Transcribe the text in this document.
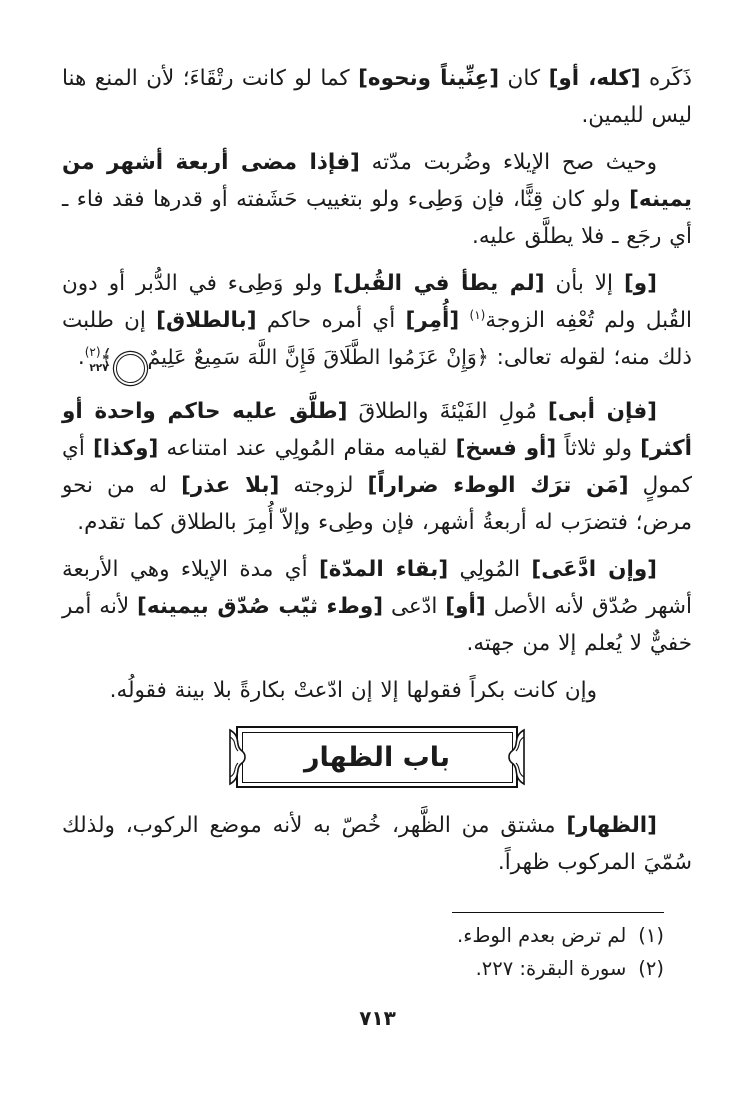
ذَكَره [كله، أو] كان [عِنِّيناً ونحوه] كما لو كانت رتْقَاءَ؛ لأن المنع هنا ليس لليمين.

وحيث صح الإيلاء وضُربت مدّته [فإذا مضى أربعة أشهر من يمينه] ولو كان قِنًّا، فإن وَطِىء ولو بتغييب حَشَفته أو قدرها فقد فاء ـ أي رجَع ـ فلا يطلَّق عليه.

[و] إلا بأن [لم يطأ في القُبل] ولو وَطِىء في الدُّبر أو دون القُبل ولم تُعْفِه الزوجة$^{(١)}$ [أُمِر] أي أمره حاكم [بالطلاق] إن طلبت ذلك منه؛ لقوله تعالى: ﴿وَإِنْ عَزَمُوا الطَّلَاقَ فَإِنَّ اللَّهَ سَمِيعٌ عَلِيمٌ٢٢٧﴾$^{(٢)}$.

[فإن أبى] مُولِ الفَيْئةَ والطلاقَ [طلَّق عليه حاكم واحدة أو أكثر] ولو ثلاثاً [أو فسخ] لقيامه مقام المُولِي عند امتناعه [وكذا] أي كمولٍ [مَن ترَك الوطء ضراراً] لزوجته [بلا عذر] له من نحو مرض؛ فتضرَب له أربعةُ أشهر، فإن وطِىء وإلاّ أُمِرَ بالطلاق كما تقدم.

[وإن ادَّعَى] المُولِي [بقاء المدّة] أي مدة الإيلاء وهي الأربعة أشهر صُدّق لأنه الأصل [أو] ادّعى [وطء ثيّب صُدّق بيمينه] لأنه أمر خفيٌّ لا يُعلم إلا من جهته.

وإن كانت بكراً فقولها إلا إن ادّعتْ بكارةً بلا بينة فقولُه.

باب الظهار

[الظهار] مشتق من الظَّهر، خُصّ به لأنه موضع الركوب، ولذلك سُمّيَ المركوب ظهراً.

(١)
لم ترض بعدم الوطء.
(٢)
سورة البقرة: ٢٢٧.
٧١٣
